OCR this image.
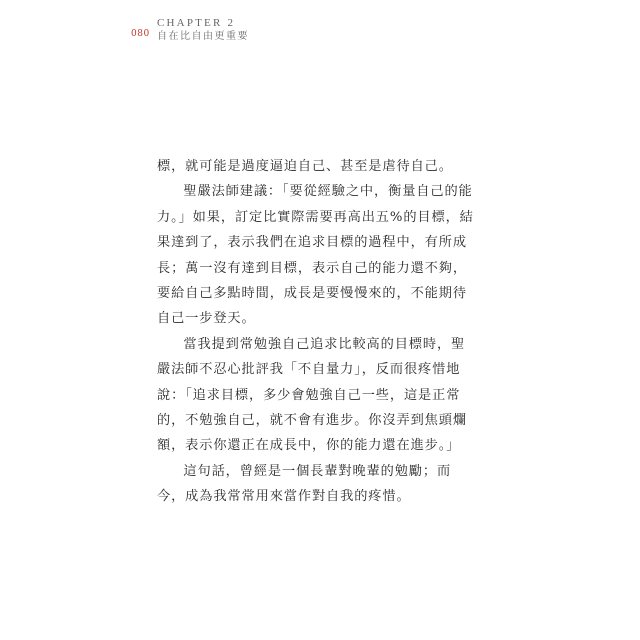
080
CHAPTER 2
自在比自由更重要

標，就可能是過度逼迫自己、甚至是虐待自己。

聖嚴法師建議：「要從經驗之中，衡量自己的能力。」如果，訂定比實際需要再高出五%的目標，結果達到了，表示我們在追求目標的過程中，有所成長；萬一沒有達到目標，表示自己的能力還不夠，要給自己多點時間，成長是要慢慢來的，不能期待自己一步登天。

當我提到常勉強自己追求比較高的目標時，聖嚴法師不忍心批評我「不自量力」，反而很疼惜地說：「追求目標，多少會勉強自己一些，這是正常的，不勉強自己，就不會有進步。你沒弄到焦頭爛額，表示你還正在成長中，你的能力還在進步。」

這句話，曾經是一個長輩對晚輩的勉勵；而今，成為我常常用來當作對自我的疼惜。
